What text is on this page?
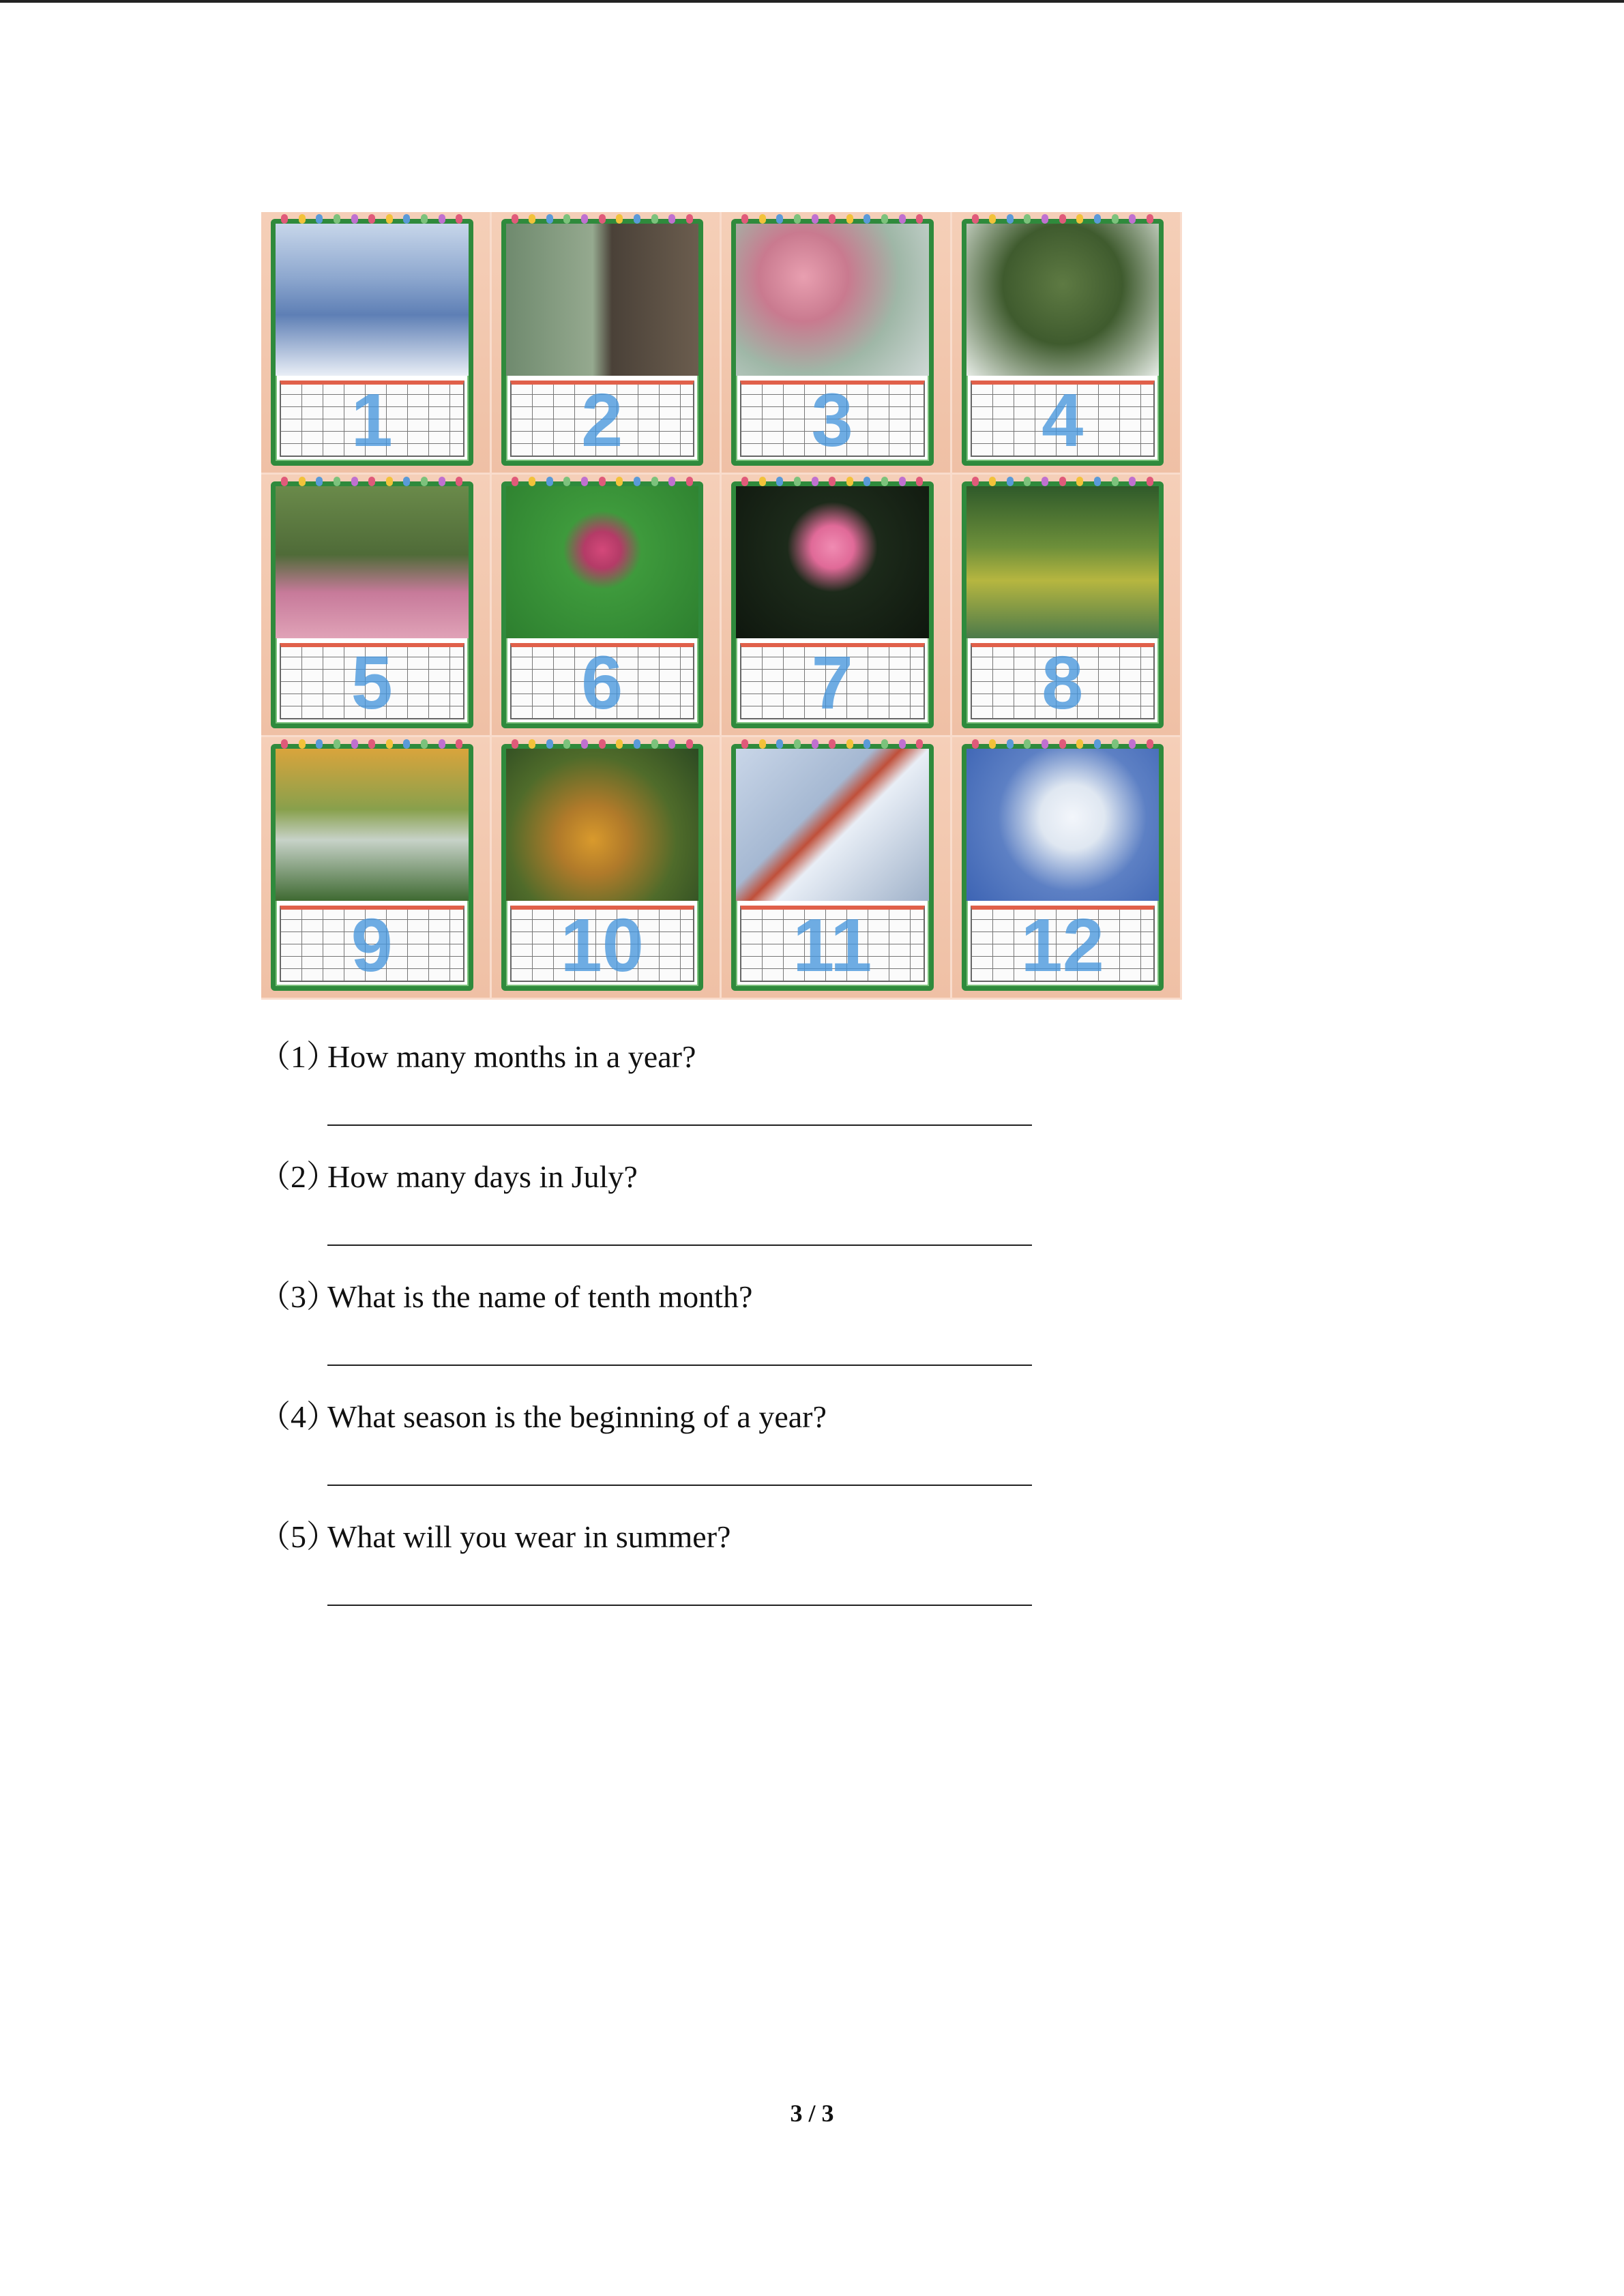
1	2	3	4
5	6	7	8
9	10	11	12
（1）How many months in a year?
（2）How many days in July?
（3）What is the name of tenth month?
（4）What season is the beginning of a year?
（5）What will you wear in summer?
3 / 3
